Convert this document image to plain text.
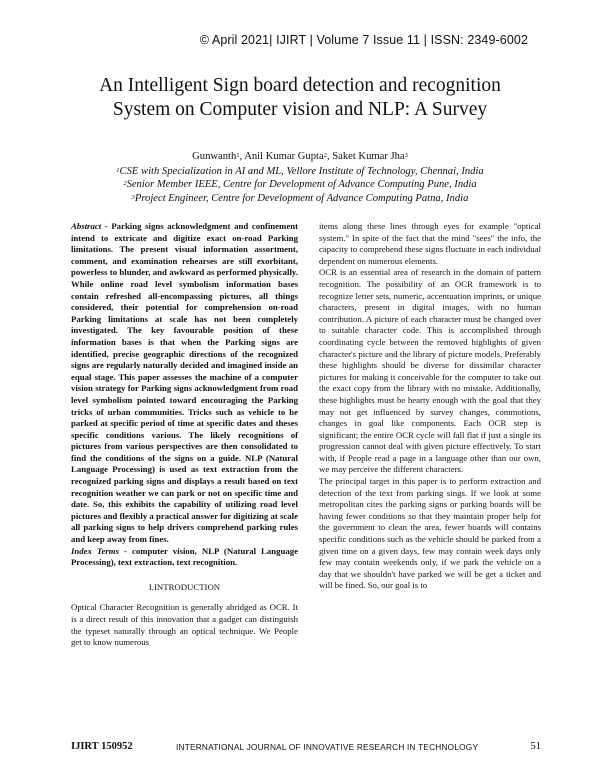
© April 2021| IJIRT | Volume 7 Issue 11 | ISSN: 2349-6002
An Intelligent Sign board detection and recognition
System on Computer vision and NLP: A Survey
Gunwanth$^1$, Anil Kumar Gupta$^2$, Saket Kumar Jha$^3$
$^1$CSE with Specialization in AI and ML, Vellore Institute of Technology, Chennai, India
$^2$Senior Member IEEE, Centre for Development of Advance Computing Pune, India
$^3$Project Engineer, Centre for Development of Advance Computing Patna, India

Abstract - Parking signs acknowledgment and confinement intend to extricate and digitize exact on-road Parking limitations. The present visual information assortment, comment, and examination rehearses are still exorbitant, powerless to blunder, and awkward as performed physically. While online road level symbolism information bases contain refreshed all-encompassing pictures, all things considered, their potential for comprehension on-road Parking limitations at scale has not been completely investigated. The key favourable position of these information bases is that when the Parking signs are identified, precise geographic directions of the recognized signs are regularly naturally decided and imagined inside an equal stage. This paper assesses the machine of a computer vision strategy for Parking signs acknowledgment from road level symbolism pointed toward encouraging the Parking tricks of urban communities. Tricks such as vehicle to be parked at specific period of time at specific dates and theses specific conditions various. The likely recognitions of pictures from various perspectives are then consolidated to find the conditions of the signs on a guide. NLP (Natural Language Processing) is used as text extraction from the recognized parking signs and displays a result based on text recognition weather we can park or not on specific time and date. So, this exhibits the capability of utilizing road level pictures and flexibly a practical answer for digitizing at scale all parking signs to help drivers comprehend parking rules and keep away from fines.

Index Terms - computer vision, NLP (Natural Language Processing), text extraction, text recognition.

I.INTRODUCTION

Optical Character Recognition is generally abridged as OCR. It is a direct result of this innovation that a gadget can distinguish the typeset naturally through an optical technique. We People get to know numerous

items along these lines through eyes for example "optical system." In spite of the fact that the mind "sees" the info, the capacity to comprehend these signs fluctuate in each individual dependent on numerous elements.

OCR is an essential area of research in the domain of pattern recognition. The possibility of an OCR framework is to recognize letter sets, numeric, accentuation imprints, or unique characters, present in digital images, with no human contribution. A picture of each character must be changed over to suitable character code. This is accomplished through coordinating cycle between the removed highlights of given character's picture and the library of picture models. Preferably these highlights should be diverse for dissimilar character pictures for making it conceivable for the computer to take out the exact copy from the library with no mistake. Additionally, these highlights must be hearty enough with the goal that they may not get influenced by survey changes, commotions, changes in goal like components. Each OCR step is significant; the entire OCR cycle will fall flat if just a single its progression cannot deal with given picture effectively. To start with, if People read a page in a language other than our own, we may perceive the different characters.

The principal target in this paper is to perform extraction and detection of the text from parking sings. If we look at some metropolitan cites the parking signs or parking boards will be having fewer conditions so that they maintain proper help for the government to clean the area, fewer boards will contains specific conditions such as the vehicle should be parked from a given time on a given days, few may contain week days only few may contain weekends only, if we park the vehicle on a day that we shouldn't have parked we will be get a ticket and will be fined. So, our goal is to

IJIRT 150952	INTERNATIONAL JOURNAL OF INNOVATIVE RESEARCH IN TECHNOLOGY	51
